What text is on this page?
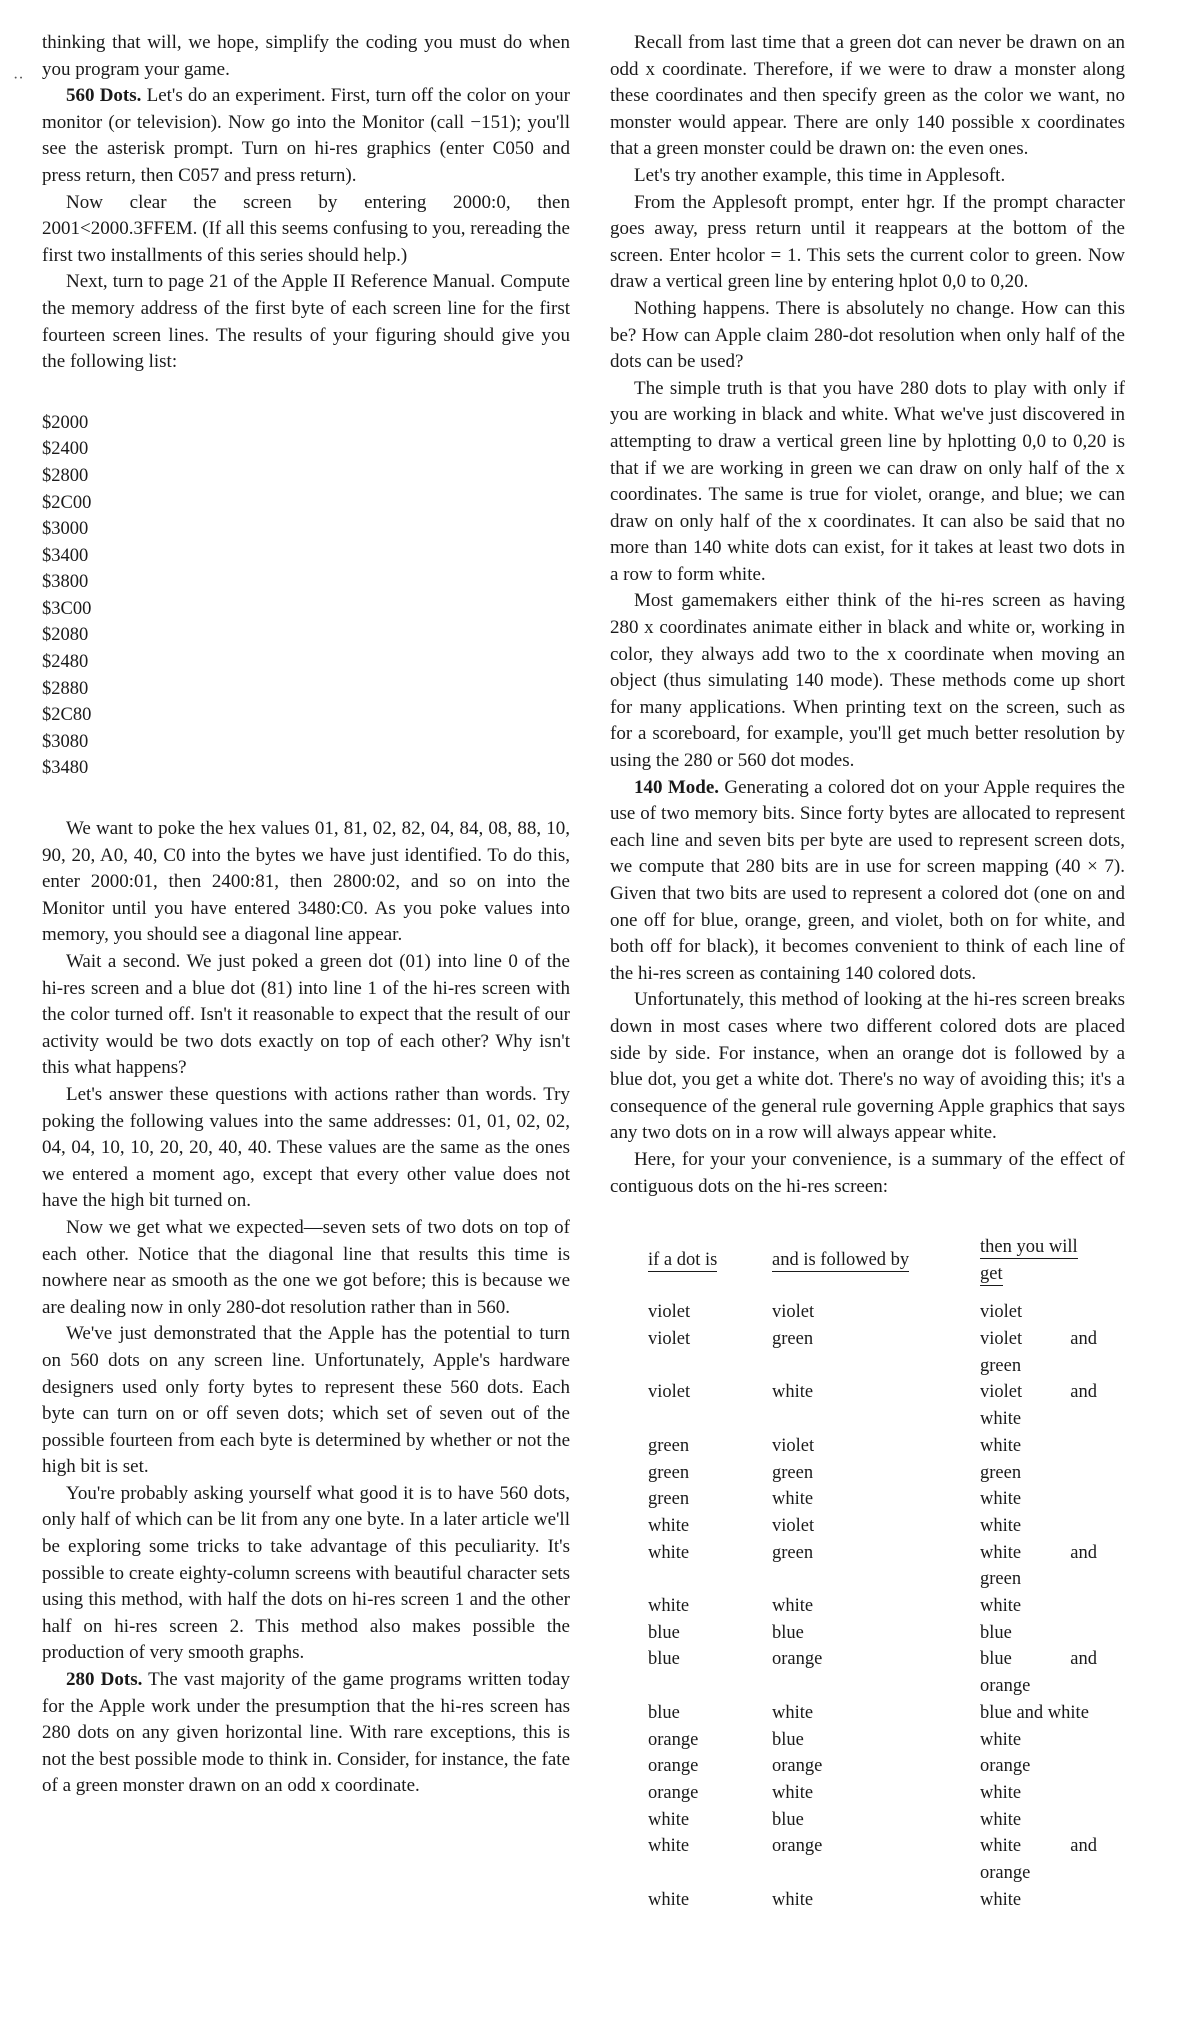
··

thinking that will, we hope, simplify the coding you must do when you program your game.

560 Dots. Let's do an experiment. First, turn off the color on your monitor (or television). Now go into the Monitor (call −151); you'll see the asterisk prompt. Turn on hi-res graphics (enter C050 and press return, then C057 and press return).

Now clear the screen by entering 2000:0, then 2001<2000.3FFEM. (If all this seems confusing to you, rereading the first two installments of this series should help.)

Next, turn to page 21 of the Apple II Reference Manual. Compute the memory address of the first byte of each screen line for the first fourteen screen lines. The results of your figuring should give you the following list:

$2000
$2400
$2800
$2C00
$3000
$3400
$3800
$3C00
$2080
$2480
$2880
$2C80
$3080
$3480

We want to poke the hex values 01, 81, 02, 82, 04, 84, 08, 88, 10, 90, 20, A0, 40, C0 into the bytes we have just identified. To do this, enter 2000:01, then 2400:81, then 2800:02, and so on into the Monitor until you have entered 3480:C0. As you poke values into memory, you should see a diagonal line appear.

Wait a second. We just poked a green dot (01) into line 0 of the hi-res screen and a blue dot (81) into line 1 of the hi-res screen with the color turned off. Isn't it reasonable to expect that the result of our activity would be two dots exactly on top of each other? Why isn't this what happens?

Let's answer these questions with actions rather than words. Try poking the following values into the same addresses: 01, 01, 02, 02, 04, 04, 10, 10, 20, 20, 40, 40. These values are the same as the ones we entered a moment ago, except that every other value does not have the high bit turned on.

Now we get what we expected—seven sets of two dots on top of each other. Notice that the diagonal line that results this time is nowhere near as smooth as the one we got before; this is because we are dealing now in only 280-dot resolution rather than in 560.

We've just demonstrated that the Apple has the potential to turn on 560 dots on any screen line. Unfortunately, Apple's hardware designers used only forty bytes to represent these 560 dots. Each byte can turn on or off seven dots; which set of seven out of the possible fourteen from each byte is determined by whether or not the high bit is set.

You're probably asking yourself what good it is to have 560 dots, only half of which can be lit from any one byte. In a later article we'll be exploring some tricks to take advantage of this peculiarity. It's possible to create eighty-column screens with beautiful character sets using this method, with half the dots on hi-res screen 1 and the other half on hi-res screen 2. This method also makes possible the production of very smooth graphs.

280 Dots. The vast majority of the game programs written today for the Apple work under the presumption that the hi-res screen has 280 dots on any given horizontal line. With rare exceptions, this is not the best possible mode to think in. Consider, for instance, the fate of a green monster drawn on an odd x coordinate.

Recall from last time that a green dot can never be drawn on an odd x coordinate. Therefore, if we were to draw a monster along these coordinates and then specify green as the color we want, no monster would appear. There are only 140 possible x coordinates that a green monster could be drawn on: the even ones.

Let's try another example, this time in Applesoft.

From the Applesoft prompt, enter hgr. If the prompt character goes away, press return until it reappears at the bottom of the screen. Enter hcolor = 1. This sets the current color to green. Now draw a vertical green line by entering hplot 0,0 to 0,20.

Nothing happens. There is absolutely no change. How can this be? How can Apple claim 280-dot resolution when only half of the dots can be used?

The simple truth is that you have 280 dots to play with only if you are working in black and white. What we've just discovered in attempting to draw a vertical green line by hplotting 0,0 to 0,20 is that if we are working in green we can draw on only half of the x coordinates. The same is true for violet, orange, and blue; we can draw on only half of the x coordinates. It can also be said that no more than 140 white dots can exist, for it takes at least two dots in a row to form white.

Most gamemakers either think of the hi-res screen as having 280 x coordinates animate either in black and white or, working in color, they always add two to the x coordinate when moving an object (thus simulating 140 mode). These methods come up short for many applications. When printing text on the screen, such as for a scoreboard, for example, you'll get much better resolution by using the 280 or 560 dot modes.

140 Mode. Generating a colored dot on your Apple requires the use of two memory bits. Since forty bytes are allocated to represent each line and seven bits per byte are used to represent screen dots, we compute that 280 bits are in use for screen mapping (40 × 7). Given that two bits are used to represent a colored dot (one on and one off for blue, orange, green, and violet, both on for white, and both off for black), it becomes convenient to think of each line of the hi-res screen as containing 140 colored dots.

Unfortunately, this method of looking at the hi-res screen breaks down in most cases where two different colored dots are placed side by side. For instance, when an orange dot is followed by a blue dot, you get a white dot. There's no way of avoiding this; it's a consequence of the general rule governing Apple graphics that says any two dots on in a row will always appear white.

Here, for your your convenience, is a summary of the effect of contiguous dots on the hi-res screen:

if a dot is	and is followed by	then you will get
violet	violet	violet
violet	green	violet and green
violet	white	violet and white
green	violet	white
green	green	green
green	white	white
white	violet	white
white	green	white and green
white	white	white
blue	blue	blue
blue	orange	blue and orange
blue	white	blue and white
orange	blue	white
orange	orange	orange
orange	white	white
white	blue	white
white	orange	white and orange
white	white	white
